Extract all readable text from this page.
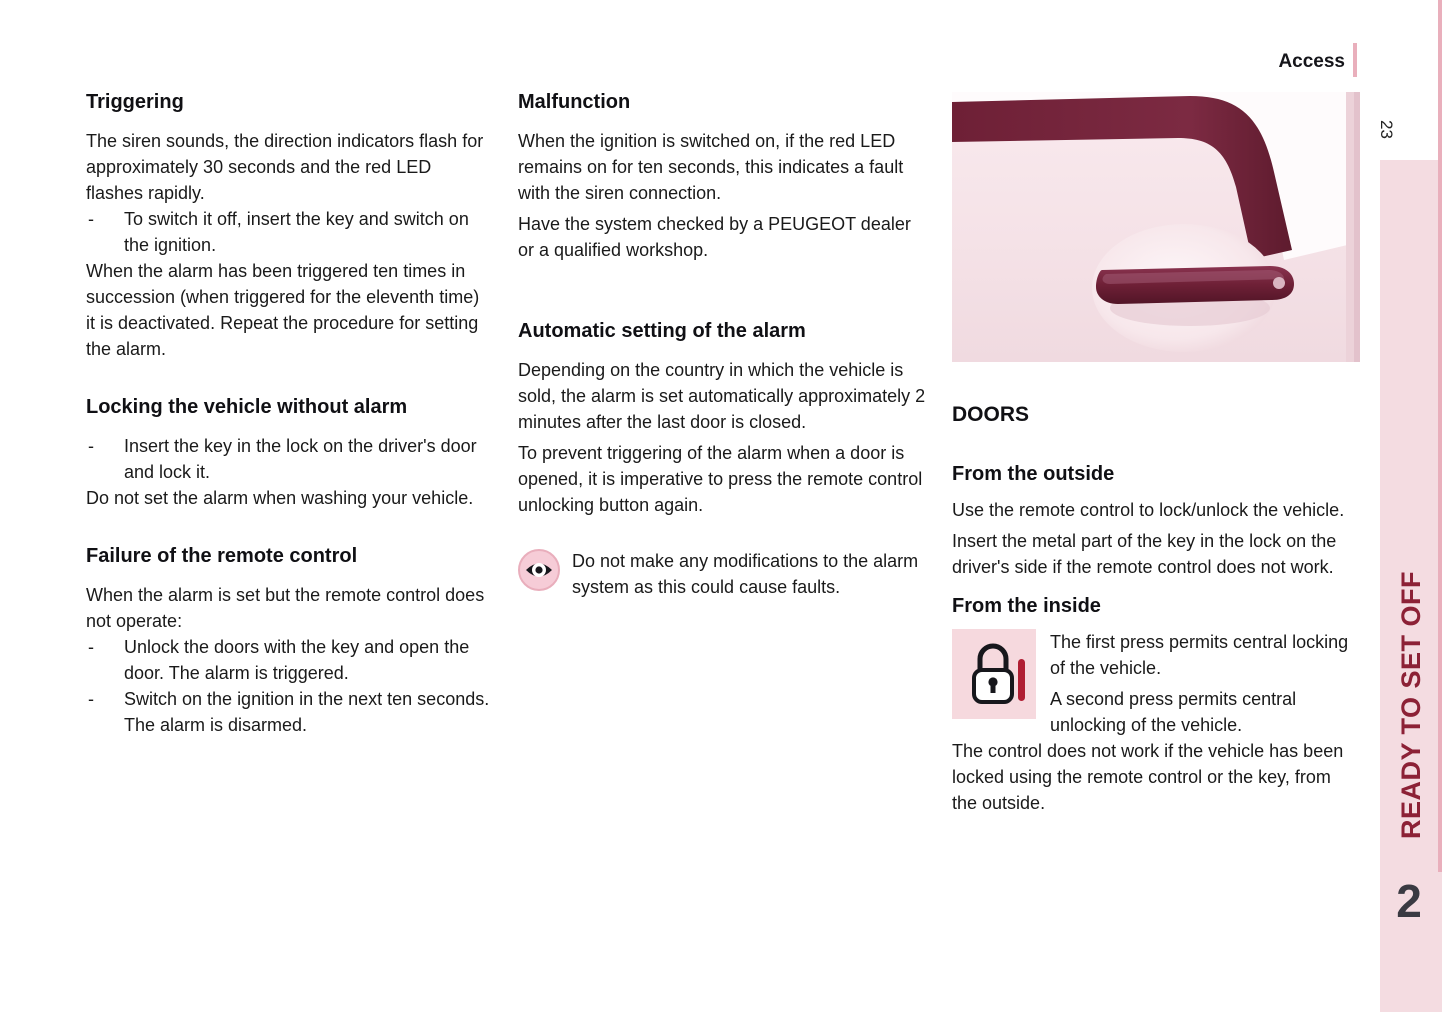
Access
23
READY TO SET OFF
2
Triggering

The siren sounds, the direction indicators flash for approximately 30 seconds and the red LED flashes rapidly.

-	To switch it off, insert the key and switch on the ignition.

When the alarm has been triggered ten times in succession (when triggered for the eleventh time) it is deactivated. Repeat the procedure for setting the alarm.

Locking the vehicle without alarm
-	Insert the key in the lock on the driver's door and lock it.

Do not set the alarm when washing your vehicle.

Failure of the remote control

When the alarm is set but the remote control does not operate:

-	Unlock the doors with the key and open the door. The alarm is triggered.
-	Switch on the ignition in the next ten seconds. The alarm is disarmed.
Malfunction

When the ignition is switched on, if the red LED remains on for ten seconds, this indicates a fault with the siren connection.

Have the system checked by a PEUGEOT dealer or a qualified workshop.

Automatic setting of the alarm

Depending on the country in which the vehicle is sold, the alarm is set automatically approximately 2 minutes after the last door is closed.

To prevent triggering of the alarm when a door is opened, it is imperative to press the remote control unlocking button again.

Do not make any modifications to the alarm system as this could cause faults.

DOORS
From the outside

Use the remote control to lock/unlock the vehicle.

Insert the metal part of the key in the lock on the driver's side if the remote control does not work.

From the inside

The first press permits central locking of the vehicle.

A second press permits central unlocking of the vehicle.

The control does not work if the vehicle has been locked using the remote control or the key, from the outside.
